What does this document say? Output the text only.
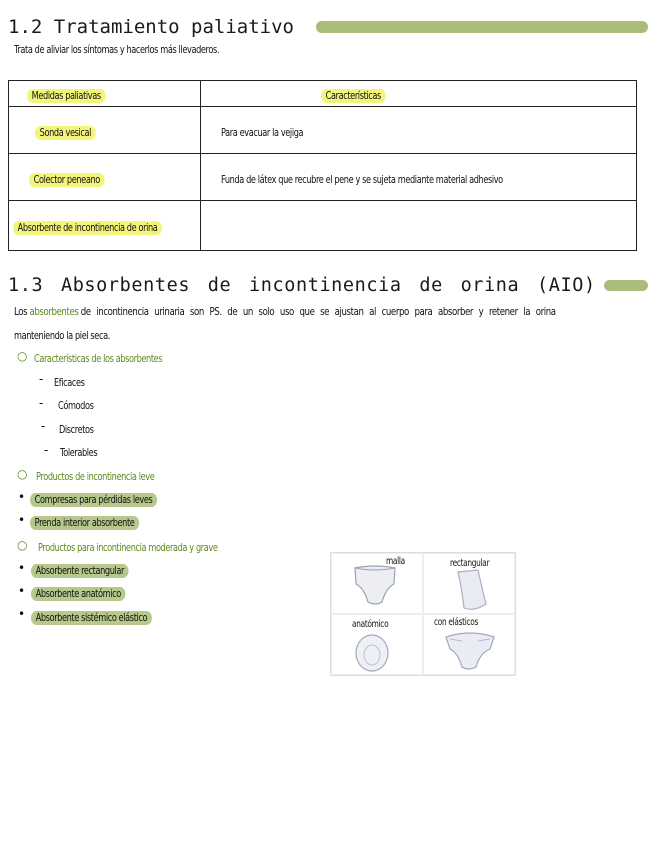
1.2 Tratamiento paliativo
Trata de aliviar los síntomas y hacerlos más llevaderos.
Medidas paliativas	Características
Sonda vesical	Para evacuar la vejiga
Colector peneano	Funda de látex que recubre el pene y se sujeta mediante material adhesivo
Absorbente de incontinencia de orina	
1.3 Absorbentes de incontinencia de orina (AIO)
Los absorbentes de incontinencia urinaria son PS. de un solo uso que se ajustan al cuerpo para absorber y retener la orina
manteniendo la piel seca.
○ Características de los absorbentes
- Eficaces
- Cómodos
- Discretos
- Tolerables
○ Productos de incontinencia leve
• Compresas para pérdidas leves
• Prenda interior absorbente
○ Productos para incontinencia moderada y grave
•	Absorbente rectangular
•	Absorbente anatómico
•	Absorbente sistémico elástico
malla	rectangular
anatómico	con elásticos
